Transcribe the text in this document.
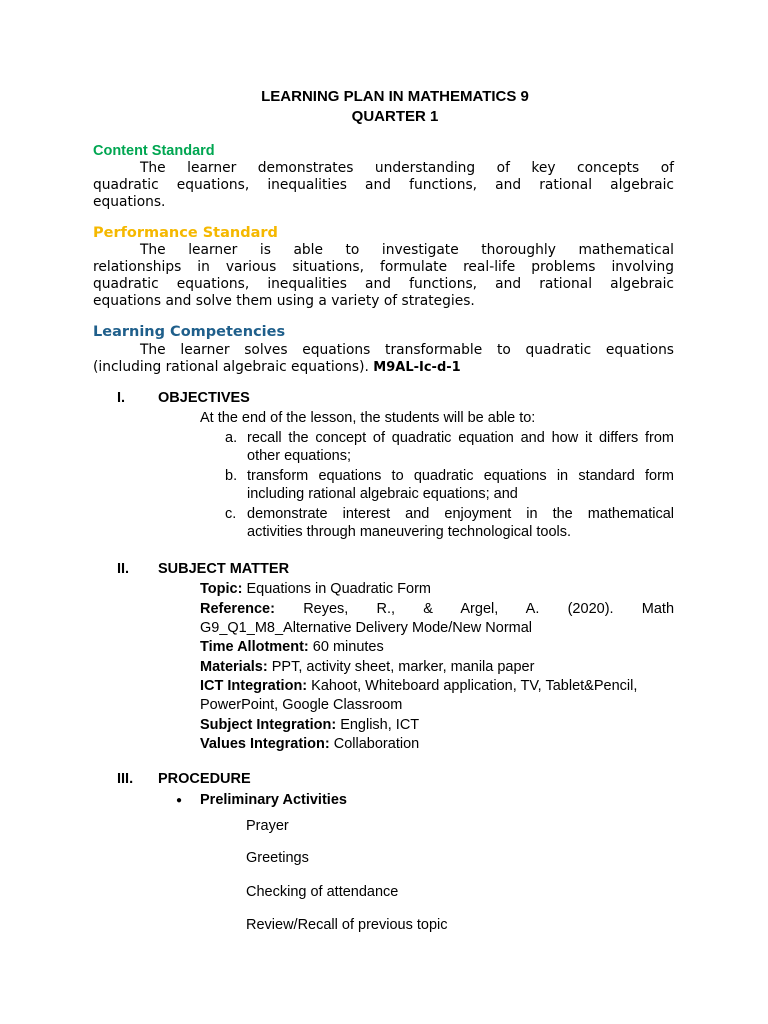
LEARNING PLAN IN MATHEMATICS 9
QUARTER 1
Content Standard
The learner demonstrates understanding of key concepts of
quadratic equations, inequalities and functions, and rational algebraic
equations.
Performance Standard
The learner is able to investigate thoroughly mathematical
relationships in various situations, formulate real-life problems involving
quadratic equations, inequalities and functions, and rational algebraic
equations and solve them using a variety of strategies.
Learning Competencies
The learner solves equations transformable to quadratic equations
(including rational algebraic equations). M9AL-Ic-d-1
I. OBJECTIVES
At the end of the lesson, the students will be able to:
a. recall the concept of quadratic equation and how it differs from
other equations;
b. transform equations to quadratic equations in standard form
including rational algebraic equations; and
c. demonstrate interest and enjoyment in the mathematical
activities through maneuvering technological tools.
II. SUBJECT MATTER
Topic: Equations in Quadratic Form
Reference: Reyes, R., & Argel, A. (2020). Math
G9_Q1_M8_Alternative Delivery Mode/New Normal
Time Allotment: 60 minutes
Materials: PPT, activity sheet, marker, manila paper
ICT Integration: Kahoot, Whiteboard application, TV, Tablet&Pencil,
PowerPoint, Google Classroom
Subject Integration: English, ICT
Values Integration: Collaboration
III. PROCEDURE
● Preliminary Activities
Prayer
Greetings
Checking of attendance
Review/Recall of previous topic
